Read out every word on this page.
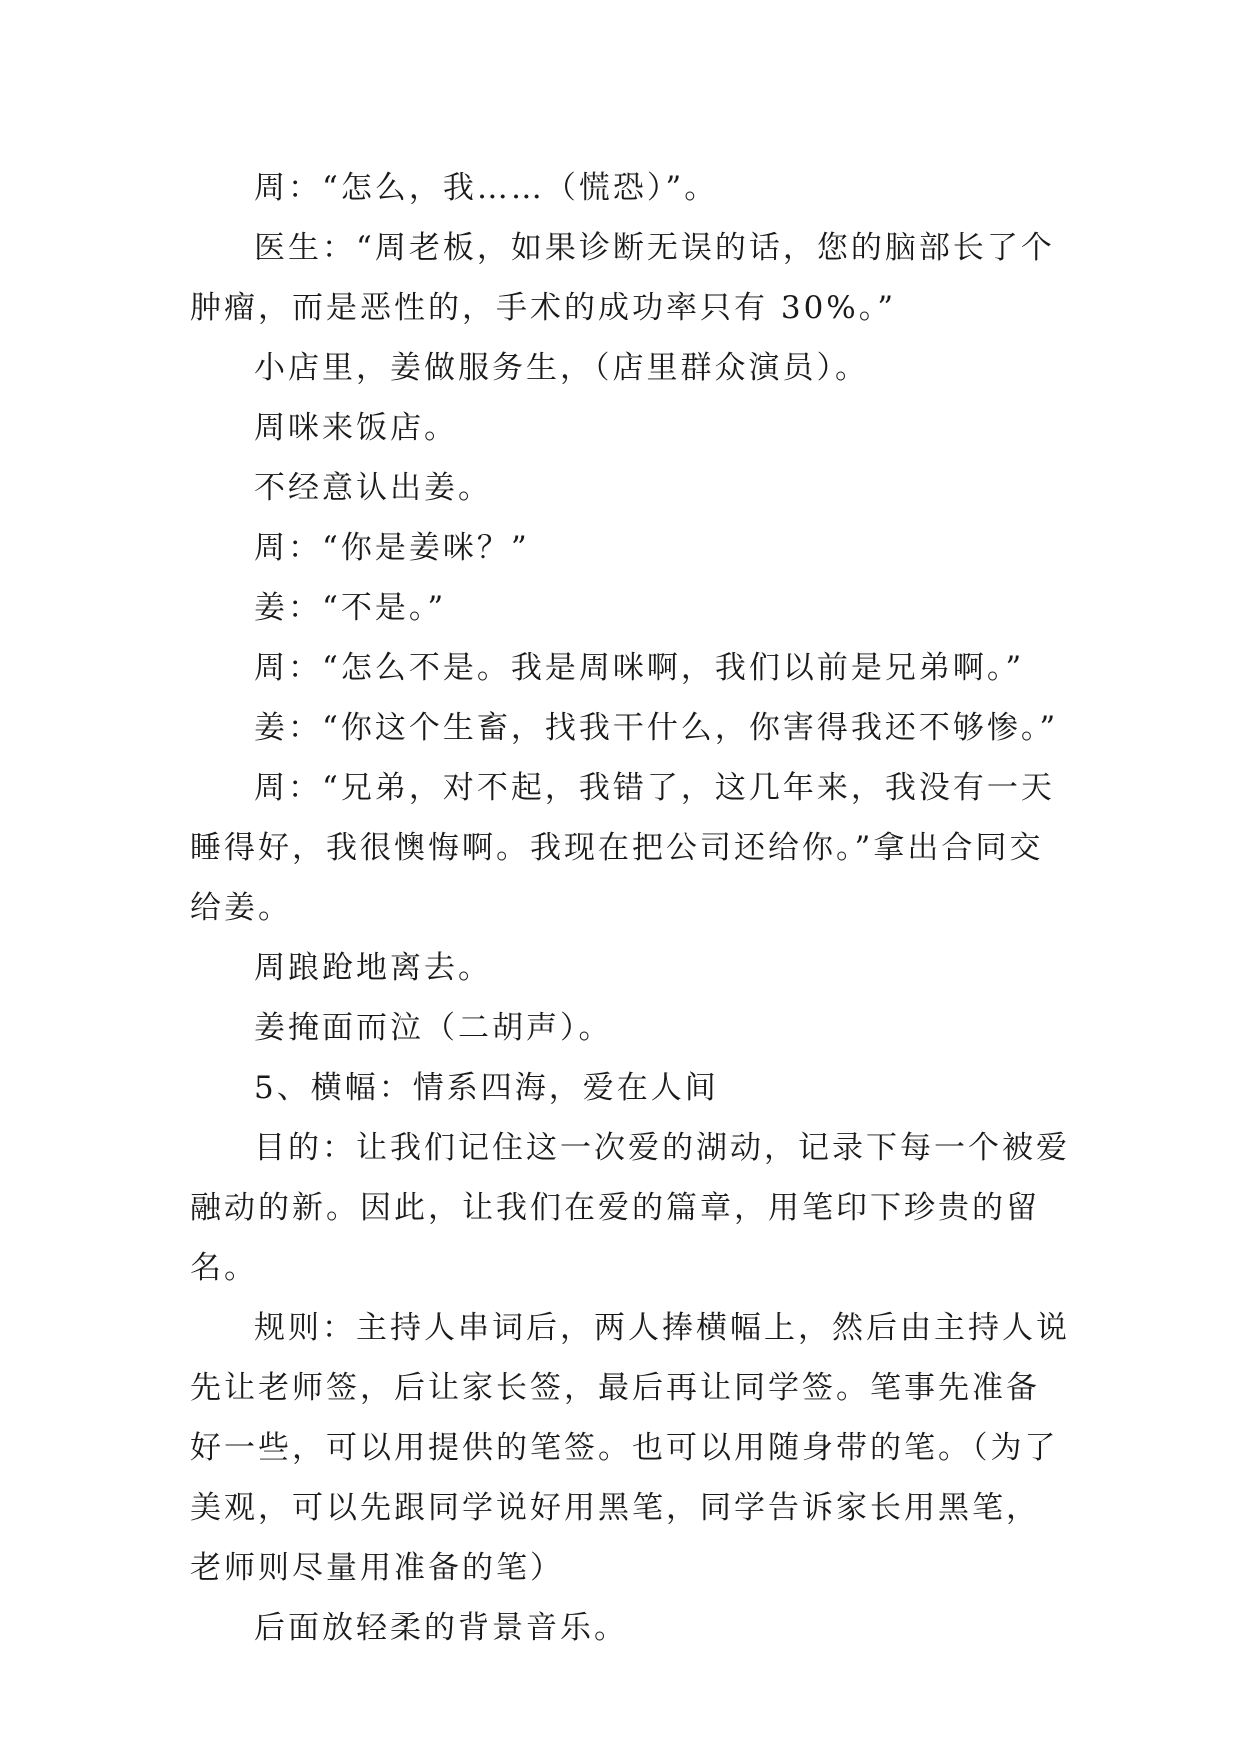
周：“怎么，我……（慌恐）”。

医生：“周老板，如果诊断无误的话，您的脑部长了个肿瘤，而是恶性的，手术的成功率只有 30%。”

小店里，姜做服务生，（店里群众演员）。

周咪来饭店。

不经意认出姜。

周：“你是姜咪？”

姜：“不是。”

周：“怎么不是。我是周咪啊，我们以前是兄弟啊。”

姜：“你这个生畜，找我干什么，你害得我还不够惨。”

周：“兄弟，对不起，我错了，这几年来，我没有一天睡得好，我很懊悔啊。我现在把公司还给你。”拿出合同交给姜。

周踉跄地离去。

姜掩面而泣（二胡声）。

5、横幅：情系四海，爱在人间

目的：让我们记住这一次爱的湖动，记录下每一个被爱融动的新。因此，让我们在爱的篇章，用笔印下珍贵的留名。

规则：主持人串词后，两人捧横幅上，然后由主持人说先让老师签，后让家长签，最后再让同学签。笔事先准备好一些，可以用提供的笔签。也可以用随身带的笔。（为了美观，可以先跟同学说好用黑笔，同学告诉家长用黑笔，老师则尽量用准备的笔）

后面放轻柔的背景音乐。
